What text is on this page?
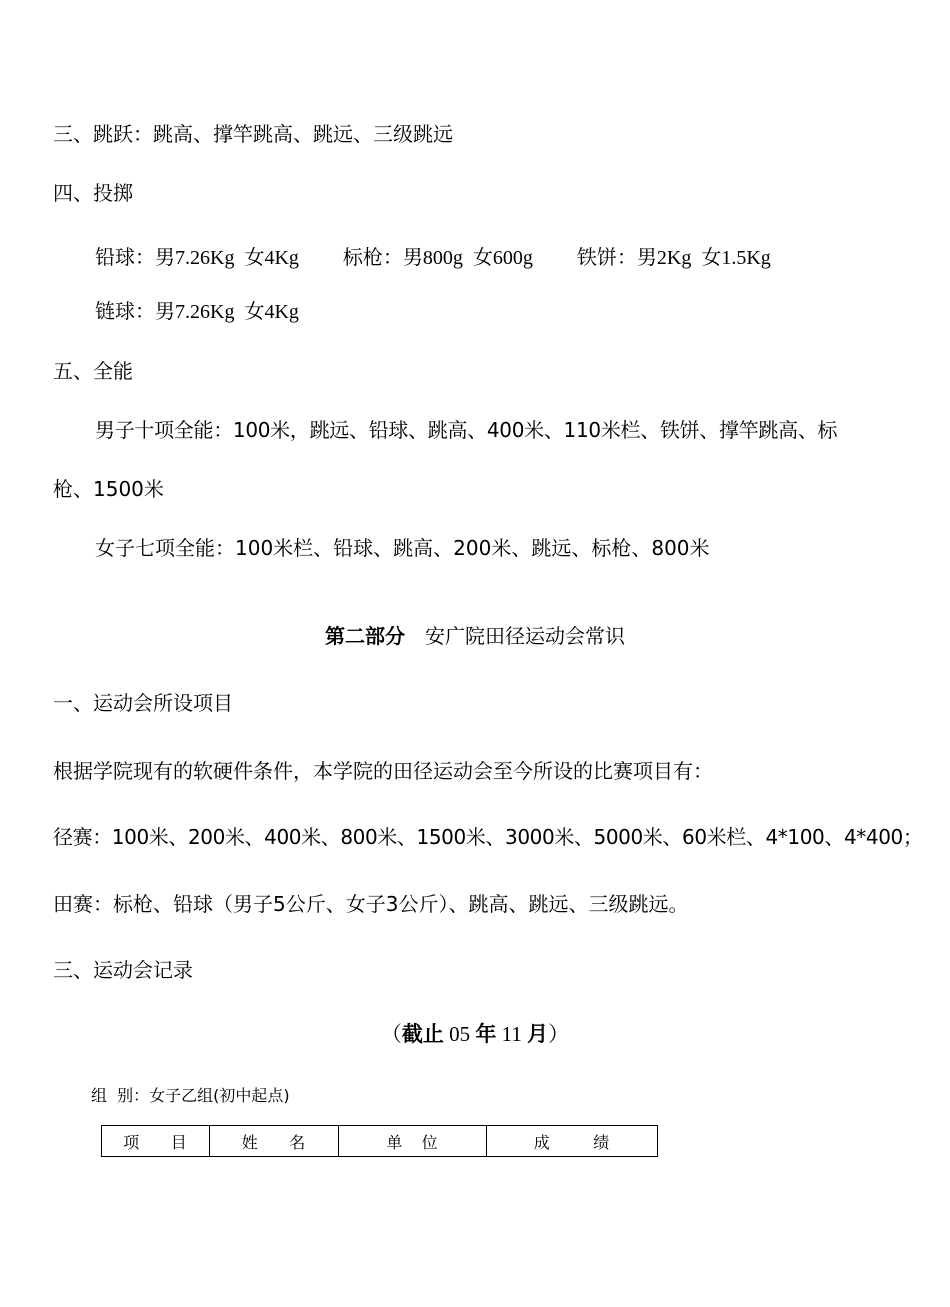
三、跳跃：跳高、撑竿跳高、跳远、三级跳远
四、投掷
铅球：男7.26Kg  女4Kg 标枪：男800g  女600g 铁饼：男2Kg  女1.5Kg
链球：男7.26Kg  女4Kg
五、全能
男子十项全能：100米，跳远、铅球、跳高、400米、110米栏、铁饼、撑竿跳高、标
枪、1500米
女子七项全能：100米栏、铅球、跳高、200米、跳远、标枪、800米
第二部分 安广院田径运动会常识
一、运动会所设项目
根据学院现有的软硬件条件，本学院的田径运动会至今所设的比赛项目有：
径赛：100米、200米、400米、800米、1500米、3000米、5000米、60米栏、4*100、4*400；
田赛：标枪、铅球（男子5公斤、女子3公斤）、跳高、跳远、三级跳远。
三、运动会记录
（截止 05 年 11 月）
组  别：女子乙组(初中起点)
项     目	姓     名	单   位	成       绩
